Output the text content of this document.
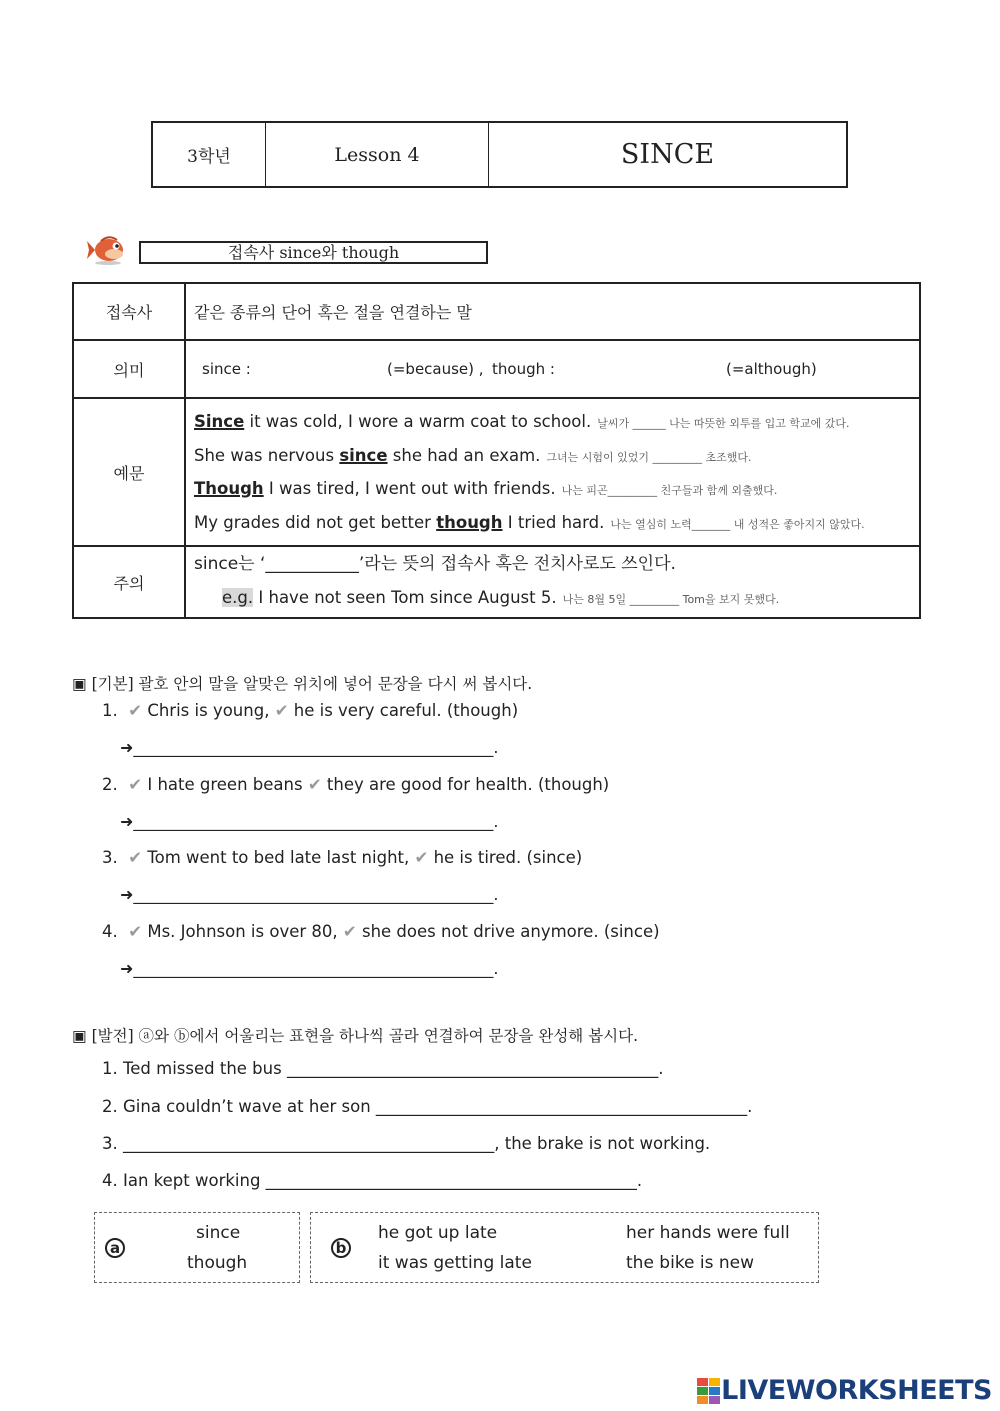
3학년	Lesson 4	SINCE
접속사 since와 though
접속사	같은 종류의 단어 혹은 절을 연결하는 말
의미	since : (=because) , though : (=although)

예문	Since it was cold, I wore a warm coat to school. 날씨가 ______ 나는 따뜻한 외투를 입고 학교에 갔다.
She was nervous since she had an exam. 그녀는 시험이 있었기 _________ 초조했다.
Though I was tired, I went out with friends. 나는 피곤_________ 친구들과 함께 외출했다.
My grades did not get better though I tried hard. 나는 열심히 노력_______ 내 성적은 좋아지지 않았다.

주의	since는 ‘___________’라는 뜻의 접속사 혹은 전치사로도 쓰인다.
e.g. I have not seen Tom since August 5. 나는 8월 5일 _________ Tom을 보지 못했다.
▣ [기본] 괄호 안의 말을 알맞은 위치에 넣어 문장을 다시 써 봅시다.
1. ✔ Chris is young, ✔ he is very careful. (though)
➜_____________________________________________.
2. ✔ I hate green beans ✔ they are good for health. (though)
➜_____________________________________________.
3. ✔ Tom went to bed late last night, ✔ he is tired. (since)
➜_____________________________________________.
4. ✔ Ms. Johnson is over 80, ✔ she does not drive anymore. (since)
➜_____________________________________________.
▣ [발전] ⓐ와 ⓑ에서 어울리는 표현을 하나씩 골라 연결하여 문장을 완성해 봅시다.
1. Ted missed the bus _____________________________________________.
2. Gina couldn’t wave at her son _____________________________________________.
3. _____________________________________________, the brake is not working.
4. Ian kept working _____________________________________________.
a
since
though
b
he got up late	her hands were full
it was getting late	the bike is new
LIVEWORKSHEETS
